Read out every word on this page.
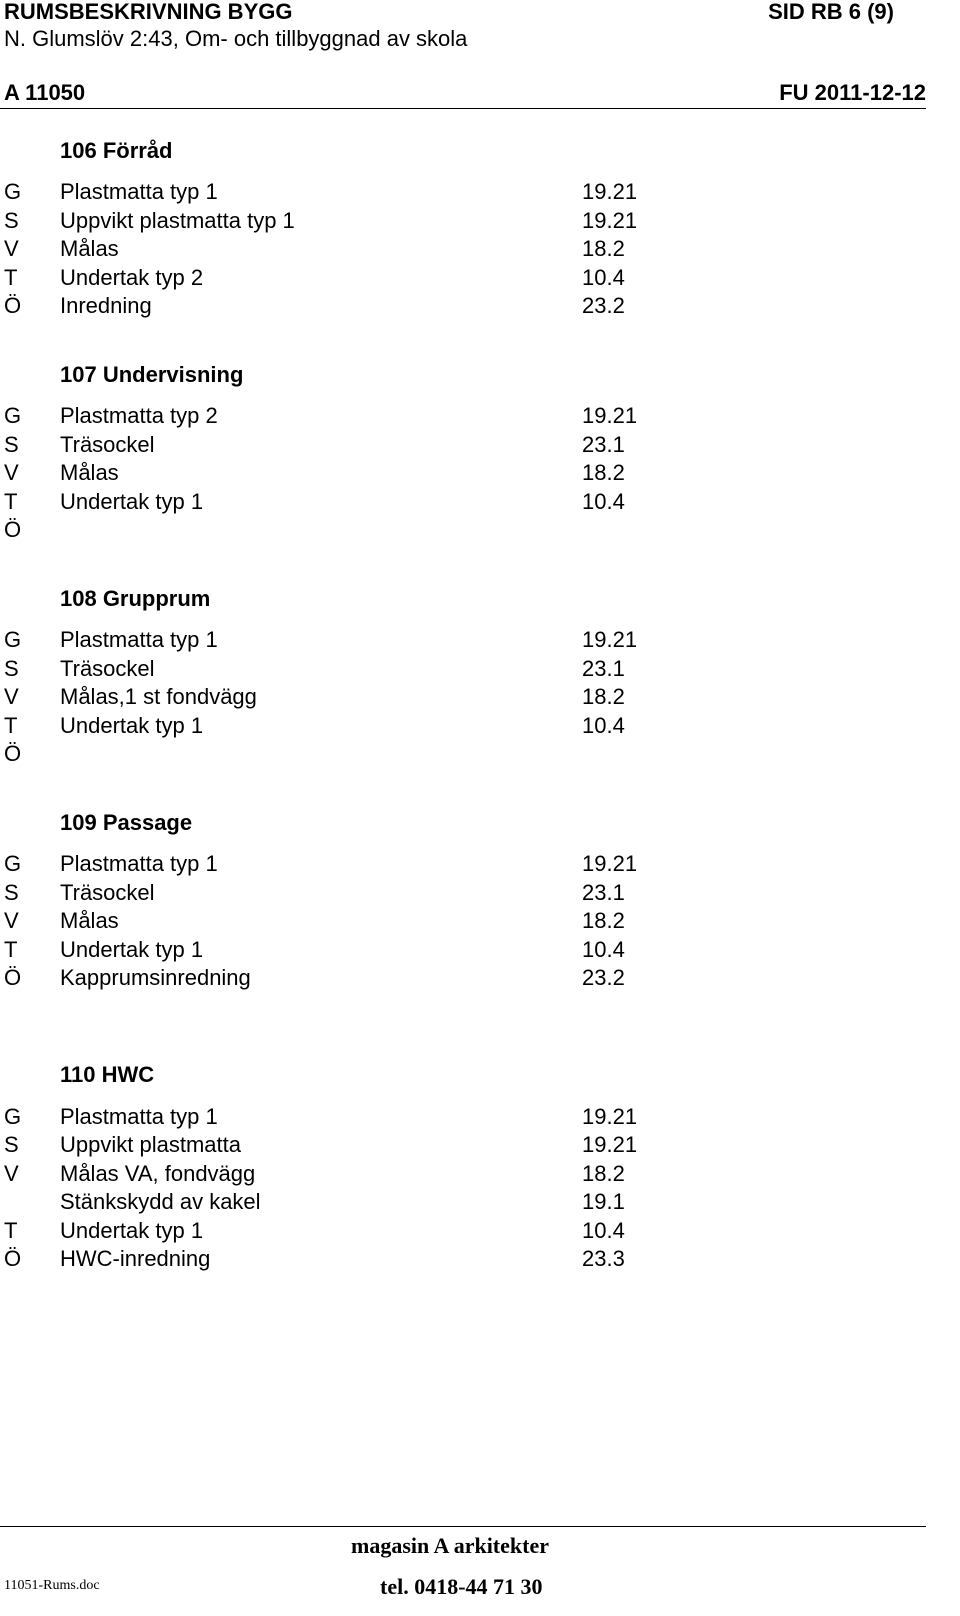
RUMSBESKRIVNING BYGG	SID RB 6 (9)
N. Glumslöv 2:43, Om- och tillbyggnad av skola
A 11050	FU 2011-12-12
106 Förråd
G Plastmatta typ 1	19.21
S Uppvikt plastmatta typ 1	19.21
V Målas	18.2
T Undertak typ 2	10.4
Ö Inredning	23.2
107 Undervisning
G Plastmatta typ 2	19.21
S Träsockel	23.1
V Målas	18.2
T Undertak typ 1	10.4
Ö
108 Grupprum
G Plastmatta typ 1	19.21
S Träsockel	23.1
V Målas,1 st fondvägg	18.2
T Undertak typ 1	10.4
Ö
109 Passage
G Plastmatta typ 1	19.21
S Träsockel	23.1
V Målas	18.2
T Undertak typ 1	10.4
Ö Kapprumsinredning	23.2
110 HWC
G Plastmatta typ 1	19.21
S Uppvikt plastmatta	19.21
V Målas VA, fondvägg	18.2
Stänkskydd av kakel	19.1
T Undertak typ 1	10.4
Ö HWC-inredning	23.3
magasin A arkitekter
11051-Rums.doc	tel. 0418-44 71 30
